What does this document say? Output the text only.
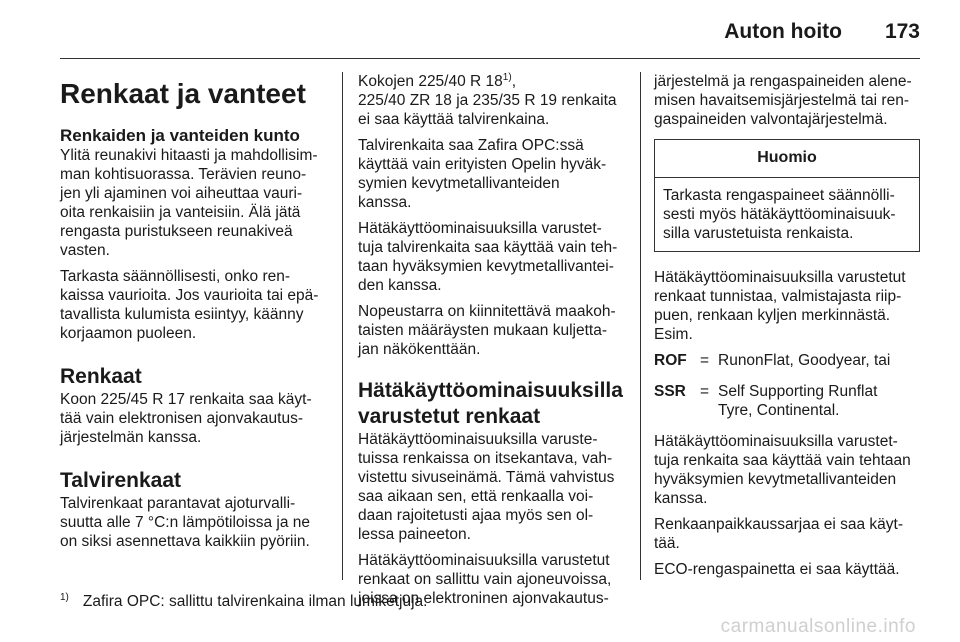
Auton hoito 173
Renkaat ja vanteet
Renkaiden ja vanteiden kunto

Ylitä reunakivi hitaasti ja mahdollisim-
man kohtisuorassa. Terävien reuno-
jen yli ajaminen voi aiheuttaa vauri-
oita renkaisiin ja vanteisiin. Älä jätä
rengasta puristukseen reunakiveä
vasten.

Tarkasta säännöllisesti, onko ren-
kaissa vaurioita. Jos vaurioita tai epä-
tavallista kulumista esiintyy, käänny
korjaamon puoleen.

Renkaat

Koon 225/45 R 17 renkaita saa käyt-
tää vain elektronisen ajonvakautus-
järjestelmän kanssa.

Talvirenkaat

Talvirenkaat parantavat ajoturvalli-
suutta alle 7 °C:n lämpötiloissa ja ne
on siksi asennettava kaikkiin pyöriin.

Kokojen 225/40 R 18$^{1)}$,
225/40 ZR 18 ja 235/35 R 19 renkaita
ei saa käyttää talvirenkaina.

Talvirenkaita saa Zafira OPC:ssä
käyttää vain erityisten Opelin hyväk-
symien kevytmetallivanteiden
kanssa.

Hätäkäyttöominaisuuksilla varustet-
tuja talvirenkaita saa käyttää vain teh-
taan hyväksymien kevytmetallivantei-
den kanssa.

Nopeustarra on kiinnitettävä maakoh-
taisten määräysten mukaan kuljetta-
jan näkökenttään.

Hätäkäyttöominaisuuksilla
varustetut renkaat

Hätäkäyttöominaisuuksilla varuste-
tuissa renkaissa on itsekantava, vah-
vistettu sivuseinämä. Tämä vahvistus
saa aikaan sen, että renkaalla voi-
daan rajoitetusti ajaa myös sen ol-
lessa paineeton.

Hätäkäyttöominaisuuksilla varustetut
renkaat on sallittu vain ajoneuvoissa,
joissa on elektroninen ajonvakautus-

järjestelmä ja rengaspaineiden alene-
misen havaitsemisjärjestelmä tai ren-
gaspaineiden valvontajärjestelmä.

Huomio
Tarkasta rengaspaineet säännölli-
sesti myös hätäkäyttöominaisuuk-
silla varustetuista renkaista.

Hätäkäyttöominaisuuksilla varustetut
renkaat tunnistaa, valmistajasta riip-
puen, renkaan kyljen merkinnästä.
Esim.

ROF = RunonFlat, Goodyear, tai
SSR = Self Supporting Runflat
Tyre, Continental.

Hätäkäyttöominaisuuksilla varustet-
tuja renkaita saa käyttää vain tehtaan
hyväksymien kevytmetallivanteiden
kanssa.

Renkaanpaikkaussarjaa ei saa käyt-
tää.

ECO-rengaspainetta ei saa käyttää.

$^{1)}$ Zafira OPC: sallittu talvirenkaina ilman lumiketjuja.
carmanualsonline.info
